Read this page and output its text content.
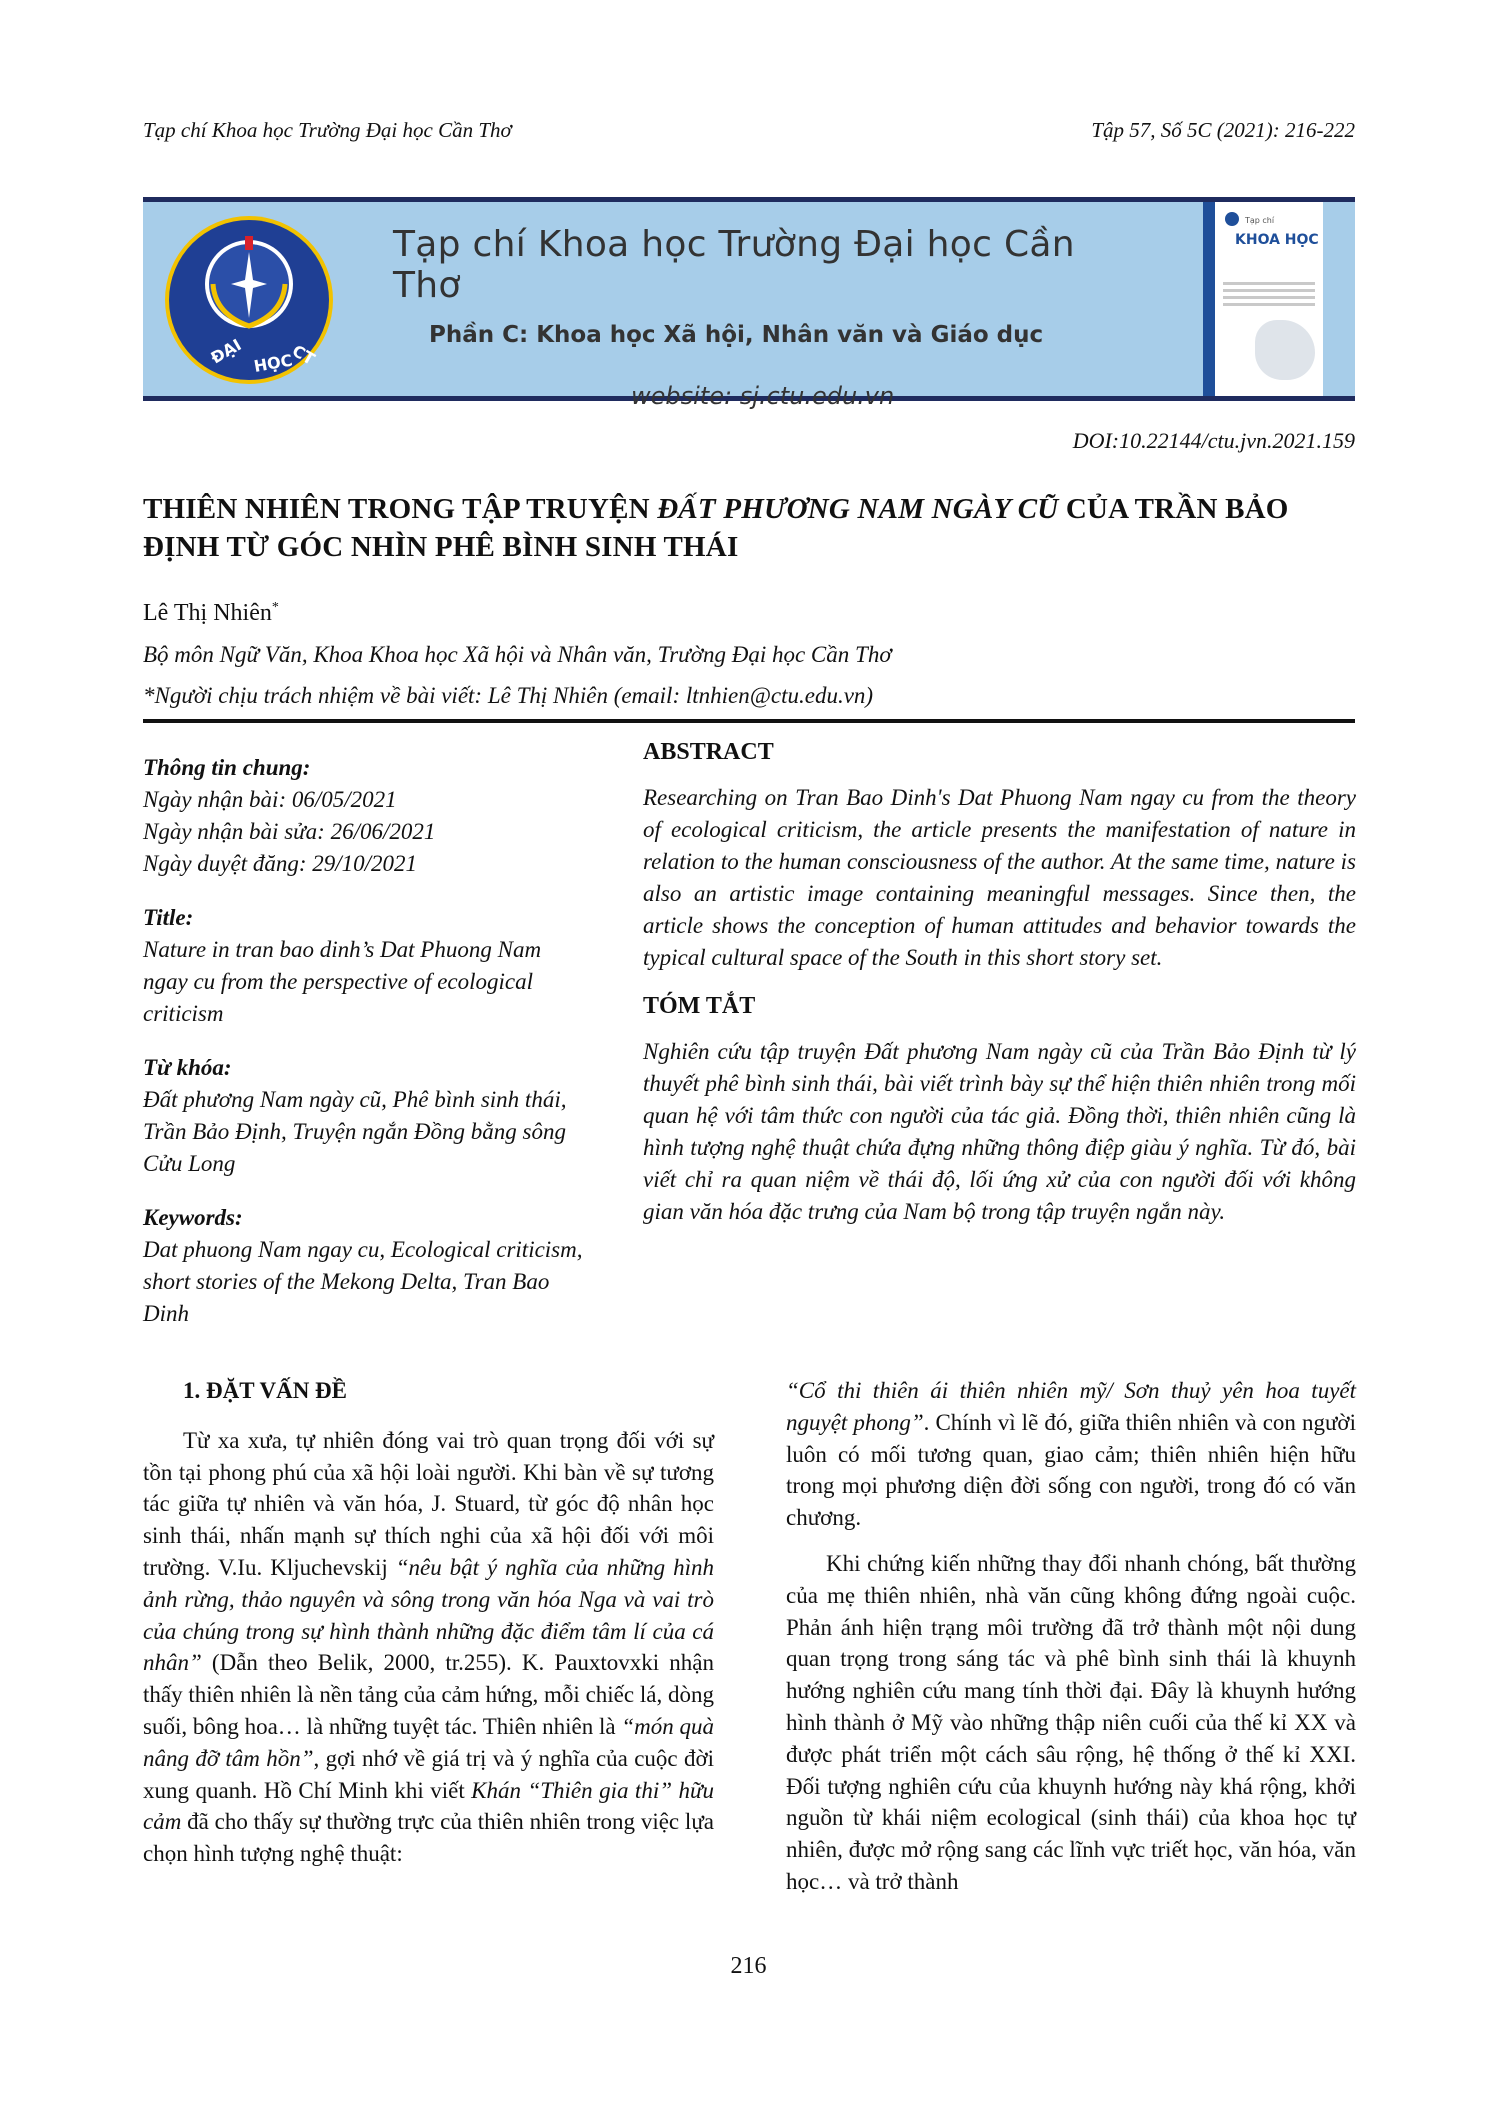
Tạp chí Khoa học Trường Đại học Cần Thơ	Tập 57, Số 5C (2021): 216-222
ĐẠI HỌC
CT
Tạp chí Khoa học Trường Đại học Cần Thơ
Phần C: Khoa học Xã hội, Nhân văn và Giáo dục
website: sj.ctu.edu.vn
Tạp chí
KHOA HỌC
DOI:10.22144/ctu.jvn.2021.159
THIÊN NHIÊN TRONG TẬP TRUYỆN ĐẤT PHƯƠNG NAM NGÀY CŨ CỦA TRẦN BẢO ĐỊNH TỪ GÓC NHÌN PHÊ BÌNH SINH THÁI
Lê Thị Nhiên*
Bộ môn Ngữ Văn, Khoa Khoa học Xã hội và Nhân văn, Trường Đại học Cần Thơ
*Người chịu trách nhiệm về bài viết: Lê Thị Nhiên (email: ltnhien@ctu.edu.vn)
Thông tin chung:
Ngày nhận bài: 06/05/2021
Ngày nhận bài sửa: 26/06/2021
Ngày duyệt đăng: 29/10/2021
Title:
Nature in tran bao dinh’s Dat Phuong Nam ngay cu from the perspective of ecological criticism
Từ khóa:
Đất phương Nam ngày cũ, Phê bình sinh thái, Trần Bảo Định, Truyện ngắn Đồng bằng sông Cửu Long
Keywords:
Dat phuong Nam ngay cu, Ecological criticism, short stories of the Mekong Delta, Tran Bao Dinh
ABSTRACT
Researching on Tran Bao Dinh's Dat Phuong Nam ngay cu from the theory of ecological criticism, the article presents the manifestation of nature in relation to the human consciousness of the author. At the same time, nature is also an artistic image containing meaningful messages. Since then, the article shows the conception of human attitudes and behavior towards the typical cultural space of the South in this short story set.
TÓM TẮT
Nghiên cứu tập truyện Đất phương Nam ngày cũ của Trần Bảo Định từ lý thuyết phê bình sinh thái, bài viết trình bày sự thể hiện thiên nhiên trong mối quan hệ với tâm thức con người của tác giả. Đồng thời, thiên nhiên cũng là hình tượng nghệ thuật chứa đựng những thông điệp giàu ý nghĩa. Từ đó, bài viết chỉ ra quan niệm về thái độ, lối ứng xử của con người đối với không gian văn hóa đặc trưng của Nam bộ trong tập truyện ngắn này.
1. ĐẶT VẤN ĐỀ

Từ xa xưa, tự nhiên đóng vai trò quan trọng đối với sự tồn tại phong phú của xã hội loài người. Khi bàn về sự tương tác giữa tự nhiên và văn hóa, J. Stuard, từ góc độ nhân học sinh thái, nhấn mạnh sự thích nghi của xã hội đối với môi trường. V.Iu. Kljuchevskij “nêu bật ý nghĩa của những hình ảnh rừng, thảo nguyên và sông trong văn hóa Nga và vai trò của chúng trong sự hình thành những đặc điểm tâm lí của cá nhân” (Dẫn theo Belik, 2000, tr.255). K. Pauxtovxki nhận thấy thiên nhiên là nền tảng của cảm hứng, mỗi chiếc lá, dòng suối, bông hoa… là những tuyệt tác. Thiên nhiên là “món quà nâng đỡ tâm hồn”, gợi nhớ về giá trị và ý nghĩa của cuộc đời xung quanh. Hồ Chí Minh khi viết Khán “Thiên gia thi” hữu cảm đã cho thấy sự thường trực của thiên nhiên trong việc lựa chọn hình tượng nghệ thuật:

“Cổ thi thiên ái thiên nhiên mỹ/ Sơn thuỷ yên hoa tuyết nguyệt phong”. Chính vì lẽ đó, giữa thiên nhiên và con người luôn có mối tương quan, giao cảm; thiên nhiên hiện hữu trong mọi phương diện đời sống con người, trong đó có văn chương.

Khi chứng kiến những thay đổi nhanh chóng, bất thường của mẹ thiên nhiên, nhà văn cũng không đứng ngoài cuộc. Phản ánh hiện trạng môi trường đã trở thành một nội dung quan trọng trong sáng tác và phê bình sinh thái là khuynh hướng nghiên cứu mang tính thời đại. Đây là khuynh hướng hình thành ở Mỹ vào những thập niên cuối của thế kỉ XX và được phát triển một cách sâu rộng, hệ thống ở thế kỉ XXI. Đối tượng nghiên cứu của khuynh hướng này khá rộng, khởi nguồn từ khái niệm ecological (sinh thái) của khoa học tự nhiên, được mở rộng sang các lĩnh vực triết học, văn hóa, văn học… và trở thành

216
